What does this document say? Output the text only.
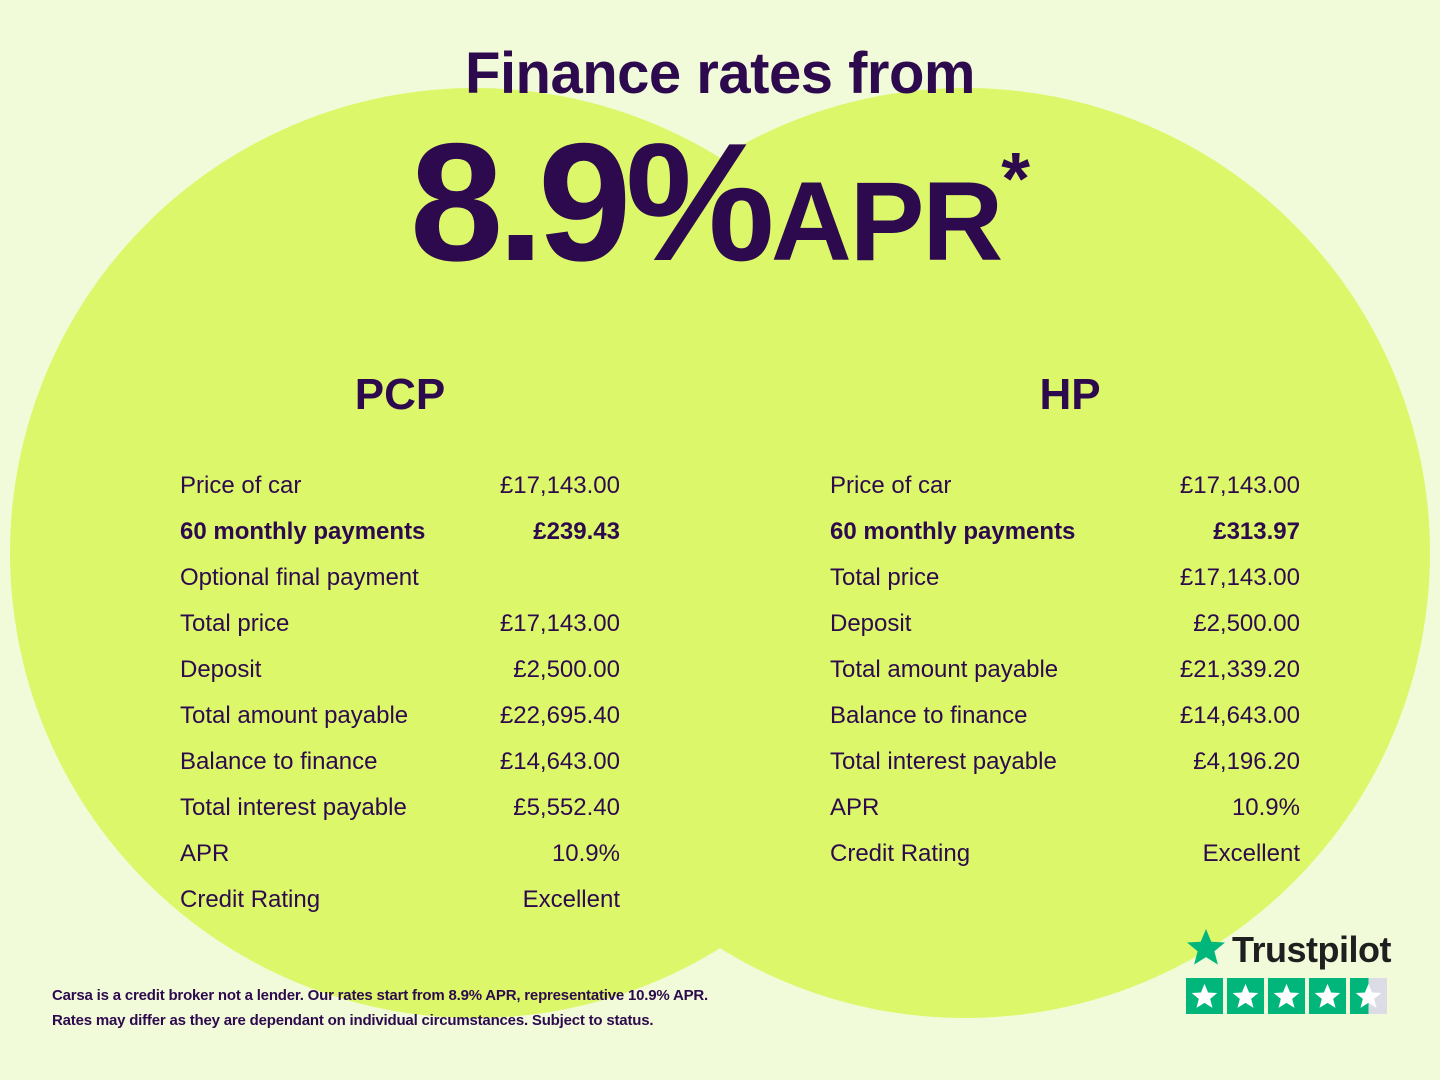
Finance rates from
8.9%APR*
PCP
Price of car	£17,143.00
60 monthly payments	£239.43
Optional final payment
Total price	£17,143.00
Deposit	£2,500.00
Total amount payable	£22,695.40
Balance to finance	£14,643.00
Total interest payable	£5,552.40
APR	10.9%
Credit Rating	Excellent
HP
Price of car	£17,143.00
60 monthly payments	£313.97
Total price	£17,143.00
Deposit	£2,500.00
Total amount payable	£21,339.20
Balance to finance	£14,643.00
Total interest payable	£4,196.20
APR	10.9%
Credit Rating	Excellent
Carsa is a credit broker not a lender. Our rates start from 8.9% APR, representative 10.9% APR.
Rates may differ as they are dependant on individual circumstances. Subject to status.
Trustpilot
